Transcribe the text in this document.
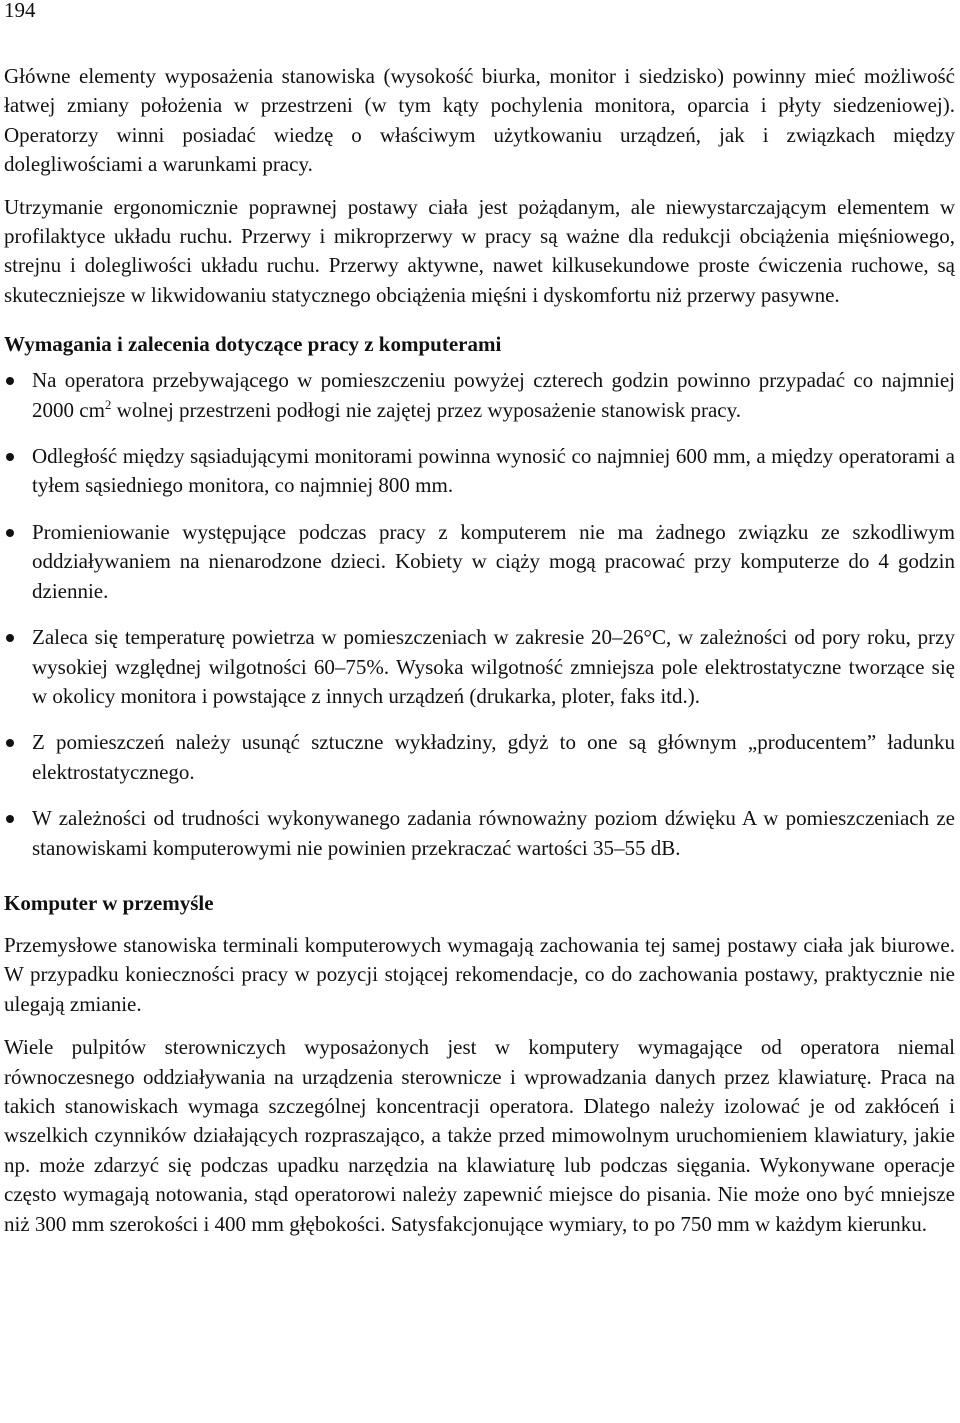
194

Główne elementy wyposażenia stanowiska (wysokość biurka, monitor i siedzisko) powinny mieć możliwość łatwej zmiany położenia w przestrzeni (w tym kąty pochylenia monitora, oparcia i płyty siedzeniowej). Operatorzy winni posiadać wiedzę o właściwym użytkowaniu urządzeń, jak i związkach między dolegliwościami a warunkami pracy.

Utrzymanie ergonomicznie poprawnej postawy ciała jest pożądanym, ale niewystarczającym elementem w profilaktyce układu ruchu. Przerwy i mikroprzerwy w pracy są ważne dla redukcji obciążenia mięśniowego, strejnu i dolegliwości układu ruchu. Przerwy aktywne, nawet kilkusekundowe proste ćwiczenia ruchowe, są skuteczniejsze w likwidowaniu statycznego obciążenia mięśni i dyskomfortu niż przerwy pasywne.

Wymagania i zalecenia dotyczące pracy z komputerami
Na operatora przebywającego w pomieszczeniu powyżej czterech godzin powinno przypadać co najmniej 2000 $cm^2$ wolnej przestrzeni podłogi nie zajętej przez wyposażenie stanowisk pracy.
Odległość między sąsiadującymi monitorami powinna wynosić co najmniej 600 mm, a między operatorami a tyłem sąsiedniego monitora, co najmniej 800 mm.
Promieniowanie występujące podczas pracy z komputerem nie ma żadnego związku ze szkodliwym oddziaływaniem na nienarodzone dzieci. Kobiety w ciąży mogą pracować przy komputerze do 4 godzin dziennie.
Zaleca się temperaturę powietrza w pomieszczeniach w zakresie 20–26°C, w zależności od pory roku, przy wysokiej względnej wilgotności 60–75%. Wysoka wilgotność zmniejsza pole elektrostatyczne tworzące się w okolicy monitora i powstające z innych urządzeń (drukarka, ploter, faks itd.).
Z pomieszczeń należy usunąć sztuczne wykładziny, gdyż to one są głównym „producentem” ładunku elektrostatycznego.
W zależności od trudności wykonywanego zadania równoważny poziom dźwięku A w pomieszczeniach ze stanowiskami komputerowymi nie powinien przekraczać wartości 35–55 dB.
Komputer w przemyśle

Przemysłowe stanowiska terminali komputerowych wymagają zachowania tej samej postawy ciała jak biurowe. W przypadku konieczności pracy w pozycji stojącej rekomendacje, co do zachowania postawy, praktycznie nie ulegają zmianie.

Wiele pulpitów sterowniczych wyposażonych jest w komputery wymagające od operatora niemal równoczesnego oddziaływania na urządzenia sterownicze i wprowadzania danych przez klawiaturę. Praca na takich stanowiskach wymaga szczególnej koncentracji operatora. Dlatego należy izolować je od zakłóceń i wszelkich czynników działających rozpraszająco, a także przed mimowolnym uruchomieniem klawiatury, jakie np. może zdarzyć się podczas upadku narzędzia na klawiaturę lub podczas sięgania. Wykonywane operacje często wymagają notowania, stąd operatorowi należy zapewnić miejsce do pisania. Nie może ono być mniejsze niż 300 mm szerokości i 400 mm głębokości. Satysfakcjonujące wymiary, to po 750 mm w każdym kierunku.
